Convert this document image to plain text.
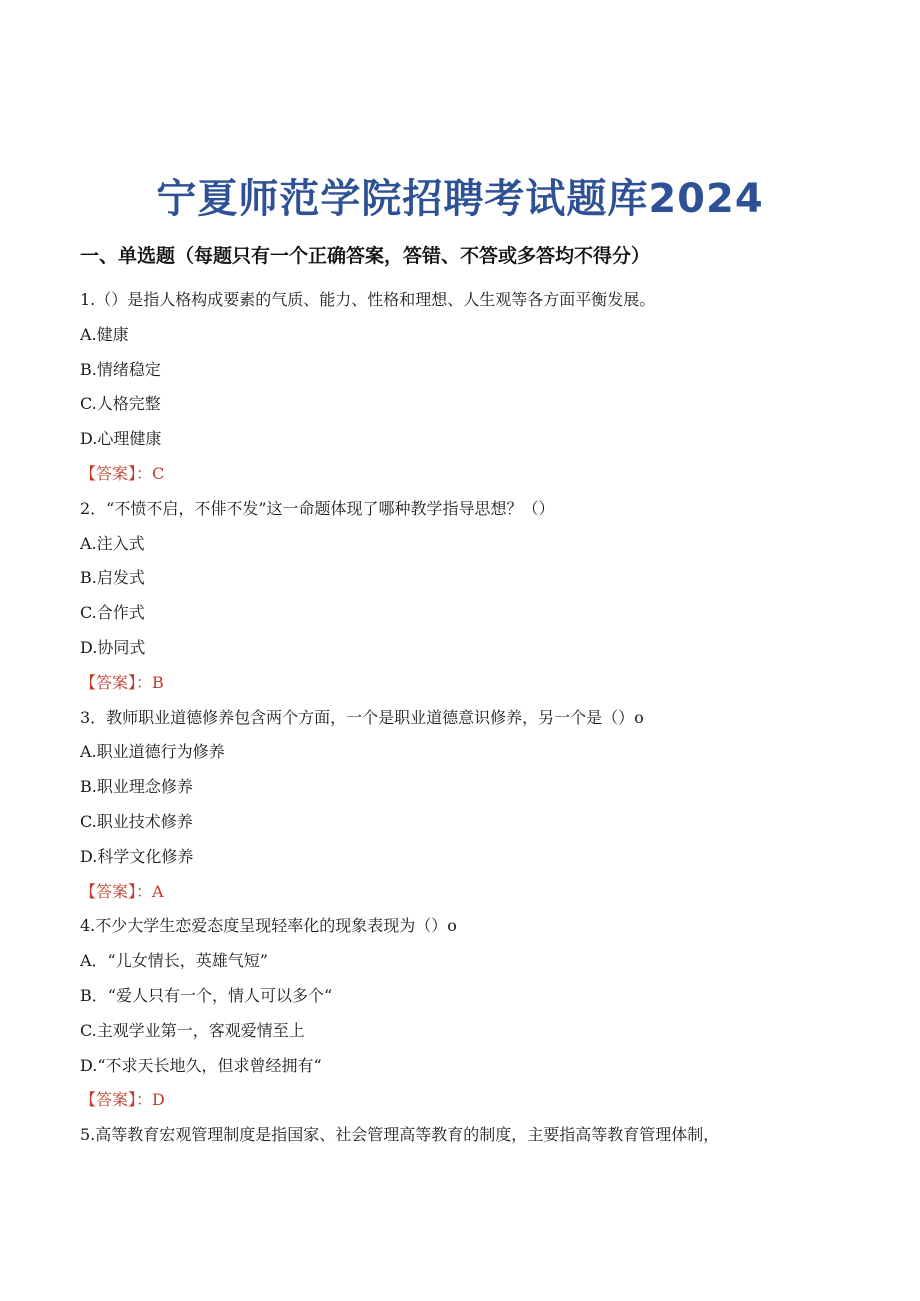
宁夏师范学院招聘考试题库2024
一、单选题（每题只有一个正确答案，答错、不答或多答均不得分）
1.（）是指人格构成要素的气质、能力、性格和理想、人生观等各方面平衡发展。
A.健康
B.情绪稳定
C.人格完整
D.心理健康
【答案】：C
2．“不愤不启，不俳不发”这一命题体现了哪种教学指导思想？（）
A.注入式
B.启发式
C.合作式
D.协同式
【答案】：B
3．教师职业道德修养包含两个方面，一个是职业道德意识修养，另一个是（）o
A.职业道德行为修养
B.职业理念修养
C.职业技术修养
D.科学文化修养
【答案】：A
4.不少大学生恋爱态度呈现轻率化的现象表现为（）o
A．“儿女情长，英雄气短”
B．“爱人只有一个，情人可以多个“
C.主观学业第一，客观爱情至上
D.“不求天长地久，但求曾经拥有“
【答案】：D
5.高等教育宏观管理制度是指国家、社会管理高等教育的制度，主要指高等教育管理体制，
